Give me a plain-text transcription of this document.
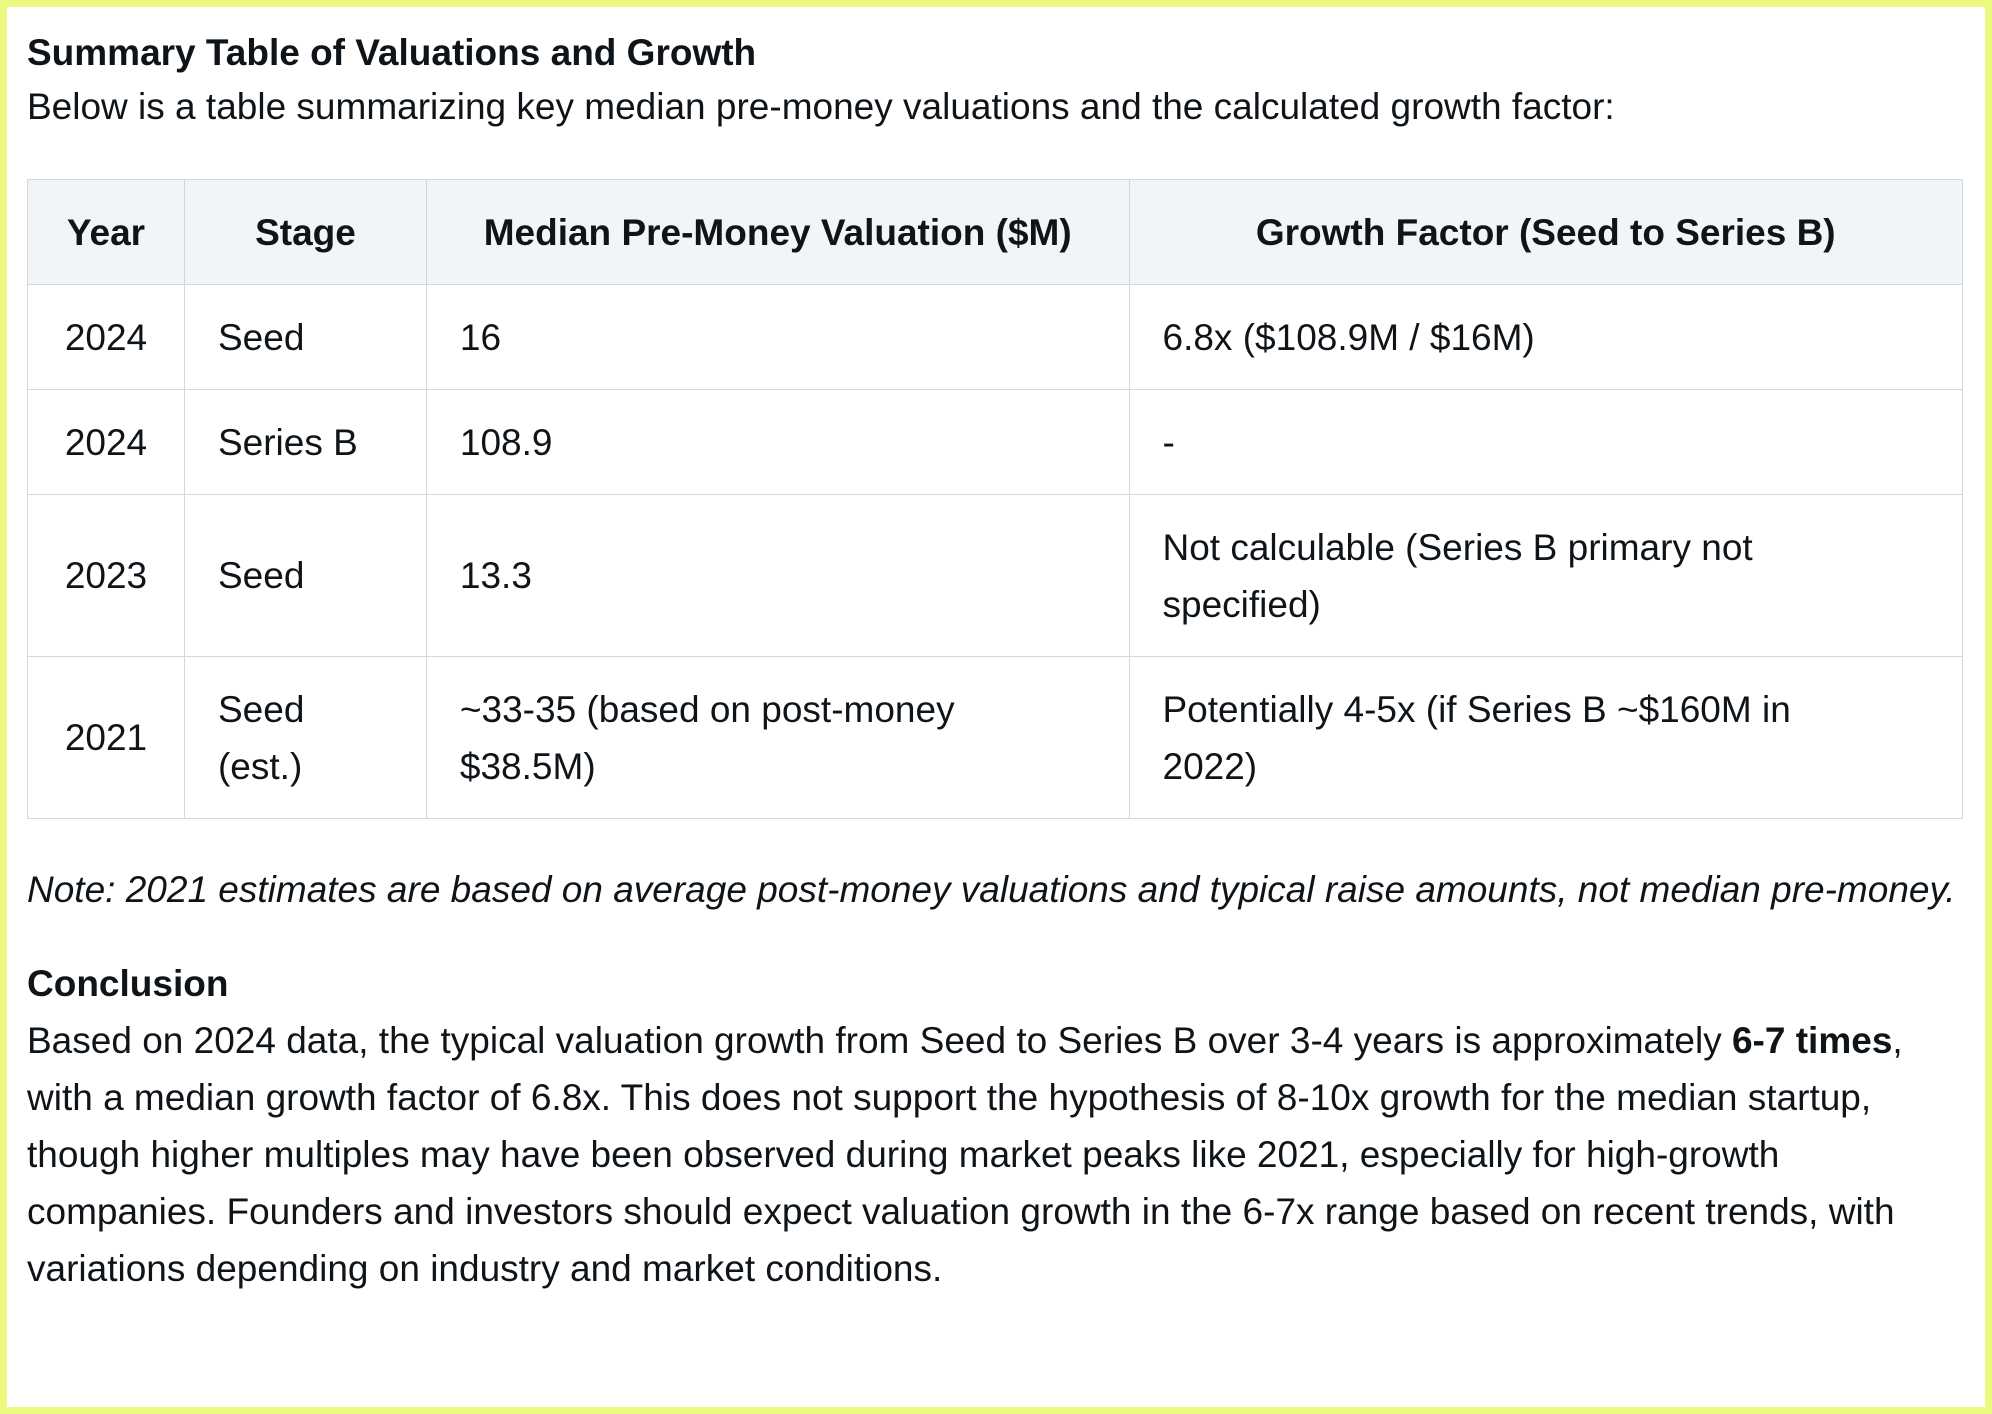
Summary Table of Valuations and Growth

Below is a table summarizing key median pre-money valuations and the calculated growth factor:

Year	Stage	Median Pre-Money Valuation ($M)	Growth Factor (Seed to Series B)
2024	Seed	16	6.8x ($108.9M / $16M)
2024	Series B	108.9	-
2023	Seed	13.3	Not calculable (Series B primary not specified)
2021	Seed (est.)	~33-35 (based on post-money $38.5M)	Potentially 4-5x (if Series B ~$160M in 2022)

Note: 2021 estimates are based on average post-money valuations and typical raise amounts, not median pre-money.

Conclusion

Based on 2024 data, the typical valuation growth from Seed to Series B over 3-4 years is approximately 6-7 times, with a median growth factor of 6.8x. This does not support the hypothesis of 8-10x growth for the median startup, though higher multiples may have been observed during market peaks like 2021, especially for high-growth companies. Founders and investors should expect valuation growth in the 6-7x range based on recent trends, with variations depending on industry and market conditions.
